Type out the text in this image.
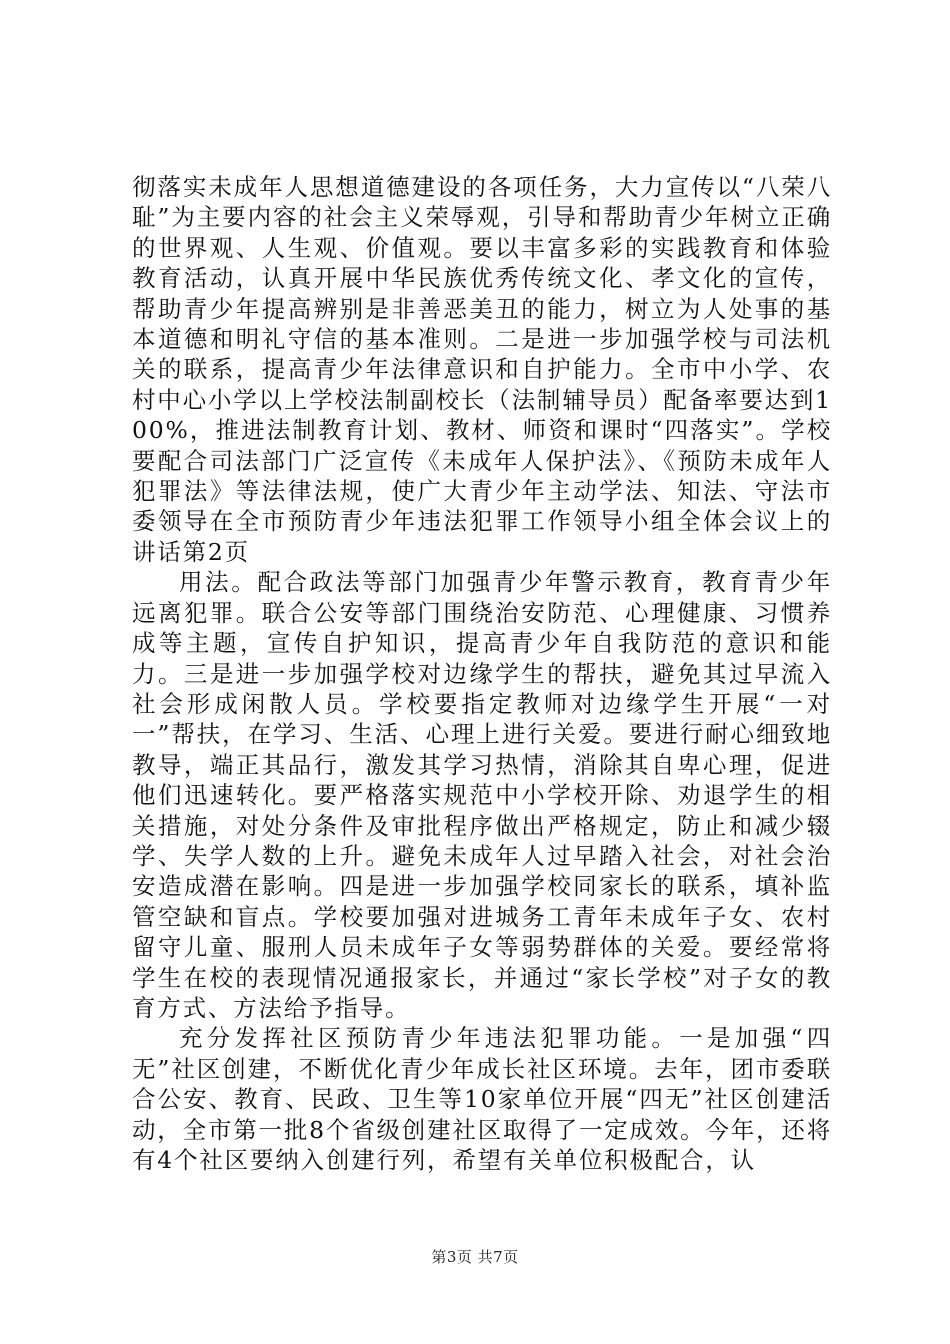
彻落实未成年人思想道德建设的各项任务，大力宣传以“八荣八耻”为主要内容的社会主义荣辱观，引导和帮助青少年树立正确的世界观、人生观、价值观。要以丰富多彩的实践教育和体验教育活动，认真开展中华民族优秀传统文化、孝文化的宣传，帮助青少年提高辨别是非善恶美丑的能力，树立为人处事的基本道德和明礼守信的基本准则。二是进一步加强学校与司法机关的联系，提高青少年法律意识和自护能力。全市中小学、农村中心小学以上学校法制副校长（法制辅导员）配备率要达到100%，推进法制教育计划、教材、师资和课时“四落实”。学校要配合司法部门广泛宣传《未成年人保护法》、《预防未成年人犯罪法》等法律法规，使广大青少年主动学法、知法、守法市委领导在全市预防青少年违法犯罪工作领导小组全体会议上的讲话第2页

用法。配合政法等部门加强青少年警示教育，教育青少年远离犯罪。联合公安等部门围绕治安防范、心理健康、习惯养成等主题，宣传自护知识，提高青少年自我防范的意识和能力。三是进一步加强学校对边缘学生的帮扶，避免其过早流入社会形成闲散人员。学校要指定教师对边缘学生开展“一对一”帮扶，在学习、生活、心理上进行关爱。要进行耐心细致地教导，端正其品行，激发其学习热情，消除其自卑心理，促进他们迅速转化。要严格落实规范中小学校开除、劝退学生的相关措施，对处分条件及审批程序做出严格规定，防止和减少辍学、失学人数的上升。避免未成年人过早踏入社会，对社会治安造成潜在影响。四是进一步加强学校同家长的联系，填补监管空缺和盲点。学校要加强对进城务工青年未成年子女、农村留守儿童、服刑人员未成年子女等弱势群体的关爱。要经常将学生在校的表现情况通报家长，并通过“家长学校”对子女的教育方式、方法给予指导。

充分发挥社区预防青少年违法犯罪功能。一是加强“四无”社区创建，不断优化青少年成长社区环境。去年，团市委联合公安、教育、民政、卫生等10家单位开展“四无”社区创建活动，全市第一批8个省级创建社区取得了一定成效。今年，还将有4个社区要纳入创建行列，希望有关单位积极配合，认

第3页 共7页
